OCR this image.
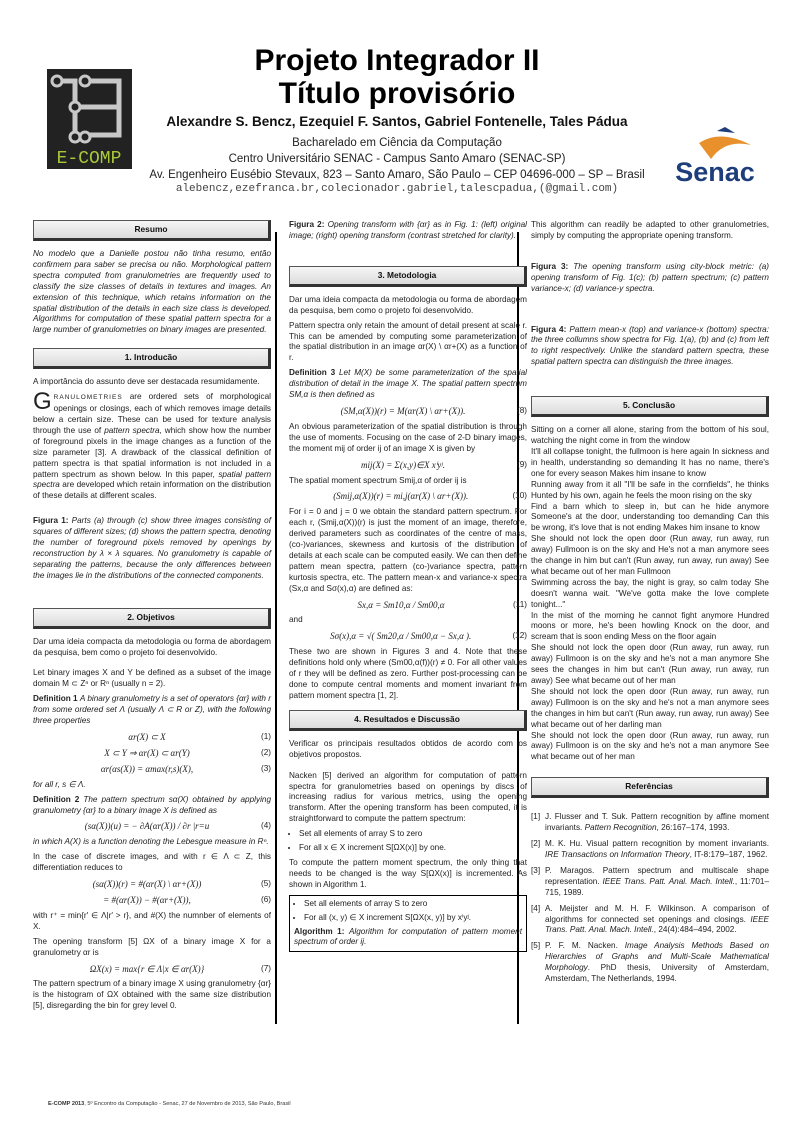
E-COMP
Projeto Integrador II
Título provisório
Alexandre S. Bencz, Ezequiel F. Santos, Gabriel Fontenelle, Tales Pádua
Bacharelado em Ciência da Computação
Centro Universitário SENAC - Campus Santo Amaro (SENAC-SP)
Av. Engenheiro Eusébio Stevaux, 823 – Santo Amaro, São Paulo – CEP 04696-000 – SP – Brasil
alebencz,ezefranca.br,colecionador.gabriel,talescpadua,(@gmail.com)
Senac
Resumo

No modelo que a Danielle postou não tinha resumo, então confirmem para saber se precisa ou não. Morphological pattern spectra computed from granulometries are frequently used to classify the size classes of details in textures and images. An extension of this technique, which retains information on the spatial distribution of the details in each size class is developed. Algorithms for computation of these spatial pattern spectra for a large number of granulometries on binary images are presented.

1. Introducão

A importância do assunto deve ser destacada resumidamente.

GRANULOMETRIES are ordered sets of morphological openings or closings, each of which removes image details below a certain size. These can be used for texture analysis through the use of pattern spectra, which show how the number of foreground pixels in the image changes as a function of the size parameter [3]. A drawback of the classical definition of pattern spectra is that spatial information is not included in a pattern spectrum as shown below. In this paper, spatial pattern spectra are developed which retain information on the distribution of these details at different scales.

Figura 1: Parts (a) through (c) show three images consisting of squares of different sizes; (d) shows the pattern spectra, denoting the number of foreground pixels removed by openings by reconstruction by λ × λ squares. No granulometry is capable of separating the patterns, because the only differences between the images lie in the distributions of the connected components.

2. Objetivos

Dar uma ideia compacta da metodologia ou forma de abordagem da pesquisa, bem como o projeto foi desenvolvido.

Let binary images X and Y be defined as a subset of the image domain M ⊂ Zⁿ or Rⁿ (usually n = 2).

Definition 1 A binary granulometry is a set of operators {αr} with r from some ordered set Λ (usually Λ ⊂ R or Z), with the following three properties

αr(X) ⊂ X	(1)
X ⊂ Y ⇒ αr(X) ⊂ αr(Y)	(2)
αr(αs(X)) = αmax(r,s)(X),	(3)

for all r, s ∈ Λ.

Definition 2 The pattern spectrum sα(X) obtained by applying granulometry {αr} to a binary image X is defined as

(sα(X))(u) = − ∂A(αr(X)) / ∂r |r=u	(4)

in which A(X) is a function denoting the Lebesgue measure in Rⁿ.

In the case of discrete images, and with r ∈ Λ ⊂ Z, this differentiation reduces to

(sα(X))(r) = #(αr(X) \ αr+(X))	(5)
= #(αr(X)) − #(αr+(X)),	(6)

with r⁺ = min{r′ ∈ Λ|r′ > r}, and #(X) the numnber of elements of X.

The opening transform [5] ΩX of a binary image X for a granulometry αr is

ΩX(x) = max{r ∈ Λ|x ∈ αr(X)}	(7)

The pattern spectrum of a binary image X using granulometry {αr} is the histogram of ΩX obtained with the same size distribution [5], disregarding the bin for grey level 0.

Figura 2: Opening transform with {αr} as in Fig. 1: (left) original image; (right) opening transform (contrast stretched for clarity).

3. Metodologia

Dar uma ideia compacta da metodologia ou forma de abordagem da pesquisa, bem como o projeto foi desenvolvido.

Pattern spectra only retain the amount of detail present at scale r. This can be amended by computing some parameterization of the spatial distribution in an image αr(X) \ αr+(X) as a function of r.

Definition 3 Let M(X) be some parameterization of the spatial distribution of detail in the image X. The spatial pattern spectrum SM,α is then defined as

(SM,α(X))(r) = M(αr(X) \ αr+(X)).	(8)

An obvious parameterization of the spatial distribution is through the use of moments. Focusing on the case of 2-D binary images, the moment mij of order ij of an image X is given by

mij(X) = Σ(x,y)∈X xⁱyʲ.	(9)

The spatial moment spectrum Smij,α of order ij is

(Smij,α(X))(r) = mi,j(αr(X) \ αr+(X)).	(10)

For i = 0 and j = 0 we obtain the standard pattern spectrum. For each r, (Smij,α(X))(r) is just the moment of an image, therefore, derived parameters such as coordinates of the centre of mass, (co-)variances, skewness and kurtosis of the distribution of details at each scale can be computed easily. We can then define pattern mean spectra, pattern (co-)variance spectra, pattern kurtosis spectra, etc. The pattern mean-x and variance-x spectra (Sx,α and Sσ(x),α) are defined as:

Sx,α = Sm10,α / Sm00,α	(11)

and

Sσ(x),α = √( Sm20,α / Sm00,α − Sx,α ).	(12)

These two are shown in Figures 3 and 4. Note that these definitions hold only where (Sm00,α(f))(r) ≠ 0. For all other values of r they will be defined as zero. Further post-processing can be done to compute central moments and moment invariant from pattern moment spectra [1, 2].

4. Resultados e Discussão

Verificar os principais resultados obtidos de acordo com os objetivos propostos.

Nacken [5] derived an algorithm for computation of pattern spectra for granulometries based on openings by discs of increasing radius for various metrics, using the opening transform. After the opening transform has been computed, it is straightforward to compute the pattern spectrum:

• Set all elements of array S to zero
• For all x ∈ X increment S[ΩX(x)] by one.

To compute the pattern moment spectrum, the only thing that needs to be changed is the way S[ΩX(x)] is incremented. As shown in Algorithm 1.

• Set all elements of array S to zero
• For all (x, y) ∈ X increment S[ΩX(x, y)] by xⁱyʲ.

Algorithm 1: Algorithm for computation of pattern moment spectrum of order ij.

This algorithm can readily be adapted to other granulometries, simply by computing the appropriate opening transform.

Figura 3: The opening transform using city-block metric: (a) opening transform of Fig. 1(c); (b) pattern spectrum; (c) pattern variance-x; (d) variance-y spectra.

Figura 4: Pattern mean-x (top) and variance-x (bottom) spectra: the three collumns show spectra for Fig. 1(a), (b) and (c) from left to right respectively. Unlike the standard pattern spectra, these spatial pattern spectra can distinguish the three images.

5. Conclusão
Sitting on a corner all alone, staring from the bottom of his soul, watching the night come in from the window
It'll all collapse tonight, the fullmoon is here again In sickness and in health, understanding so demanding It has no name, there's one for every season Makes him insane to know
Running away from it all "I'll be safe in the cornfields", he thinks Hunted by his own, again he feels the moon rising on the sky
Find a barn which to sleep in, but can he hide anymore Someone's at the door, understanding too demanding Can this be wrong, it's love that is not ending Makes him insane to know
She should not lock the open door (Run away, run away, run away) Fullmoon is on the sky and He's not a man anymore sees the change in him but can't (Run away, run away, run away) See what became out of her man Fullmoon
Swimming across the bay, the night is gray, so calm today She doesn't wanna wait. "We've gotta make the love complete tonight..."
In the mist of the morning he cannot fight anymore Hundred moons or more, he's been howling Knock on the door, and scream that is soon ending Mess on the floor again
She should not lock the open door (Run away, run away, run away) Fullmoon is on the sky and he's not a man anymore She sees the changes in him but can't (Run away, run away, run away) See what became out of her man
She should not lock the open door (Run away, run away, run away) Fullmoon is on the sky and he's not a man anymore sees the changes in him but can't (Run away, run away, run away) See what became out of her darling man
She should not lock the open door (Run away, run away, run away) Fullmoon is on the sky and he's not a man anymore See what became out of her man
Referências
[1] J. Flusser and T. Suk. Pattern recognition by affine moment invariants. Pattern Recognition, 26:167–174, 1993.
[2] M. K. Hu. Visual pattern recognition by moment invariants. IRE Transactions on Information Theory, IT-8:179–187, 1962.
[3] P. Maragos. Pattern spectrum and multiscale shape representation. IEEE Trans. Patt. Anal. Mach. Intell., 11:701–715, 1989.
[4] A. Meijster and M. H. F. Wilkinson. A comparison of algorithms for connected set openings and closings. IEEE Trans. Patt. Anal. Mach. Intell., 24(4):484–494, 2002.
[5] P. F. M. Nacken. Image Analysis Methods Based on Hierarchies of Graphs and Multi-Scale Mathematical Morphology. PhD thesis, University of Amsterdam, Amsterdam, The Netherlands, 1994.
E-COMP 2013, 5º Encontro da Computação - Senac, 27 de Novembro de 2013, São Paulo, Brasil
